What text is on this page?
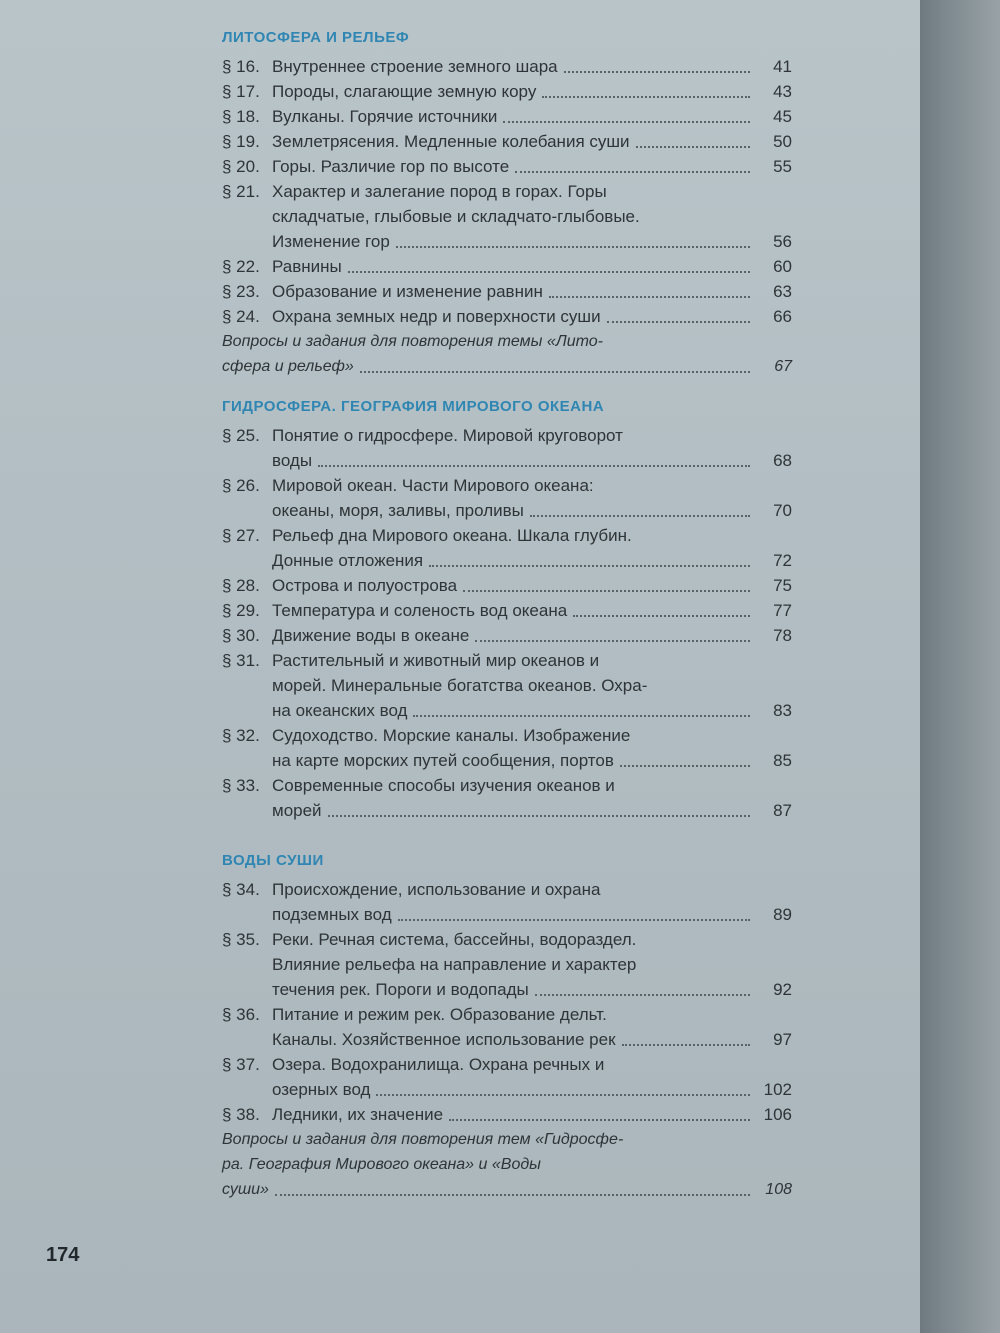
ЛИТОСФЕРА И РЕЛЬЕФ
§ 16. Внутреннее строение земного шара	41
§ 17. Породы, слагающие земную кору	43
§ 18. Вулканы. Горячие источники	45
§ 19. Землетрясения. Медленные колебания суши	50
§ 20. Горы. Различие гор по высоте	55
§ 21. Характер и залегание пород в горах. Горы
складчатые, глыбовые и складчато-глыбовые.
Изменение гор	56
§ 22. Равнины	60
§ 23. Образование и изменение равнин	63
§ 24. Охрана земных недр и поверхности суши	66
Вопросы и задания для повторения темы «Лито-
сфера и рельеф»	67
ГИДРОСФЕРА. ГЕОГРАФИЯ МИРОВОГО ОКЕАНА
§ 25. Понятие о гидросфере. Мировой круговорот
воды	68
§ 26. Мировой океан. Части Мирового океана:
океаны, моря, заливы, проливы	70
§ 27. Рельеф дна Мирового океана. Шкала глубин.
Донные отложения	72
§ 28. Острова и полуострова	75
§ 29. Температура и соленость вод океана	77
§ 30. Движение воды в океане	78
§ 31. Растительный и животный мир океанов и
морей. Минеральные богатства океанов. Охра-
на океанских вод	83
§ 32. Судоходство. Морские каналы. Изображение
на карте морских путей сообщения, портов	85
§ 33. Современные способы изучения океанов и
морей	87
ВОДЫ СУШИ
§ 34. Происхождение, использование и охрана
подземных вод	89
§ 35. Реки. Речная система, бассейны, водораздел.
Влияние рельефа на направление и характер
течения рек. Пороги и водопады	92
§ 36. Питание и режим рек. Образование дельт.
Каналы. Хозяйственное использование рек	97
§ 37. Озера. Водохранилища. Охрана речных и
озерных вод	102
§ 38. Ледники, их значение	106
Вопросы и задания для повторения тем «Гидросфе-
ра. География Мирового океана» и «Воды
суши»	108
174
